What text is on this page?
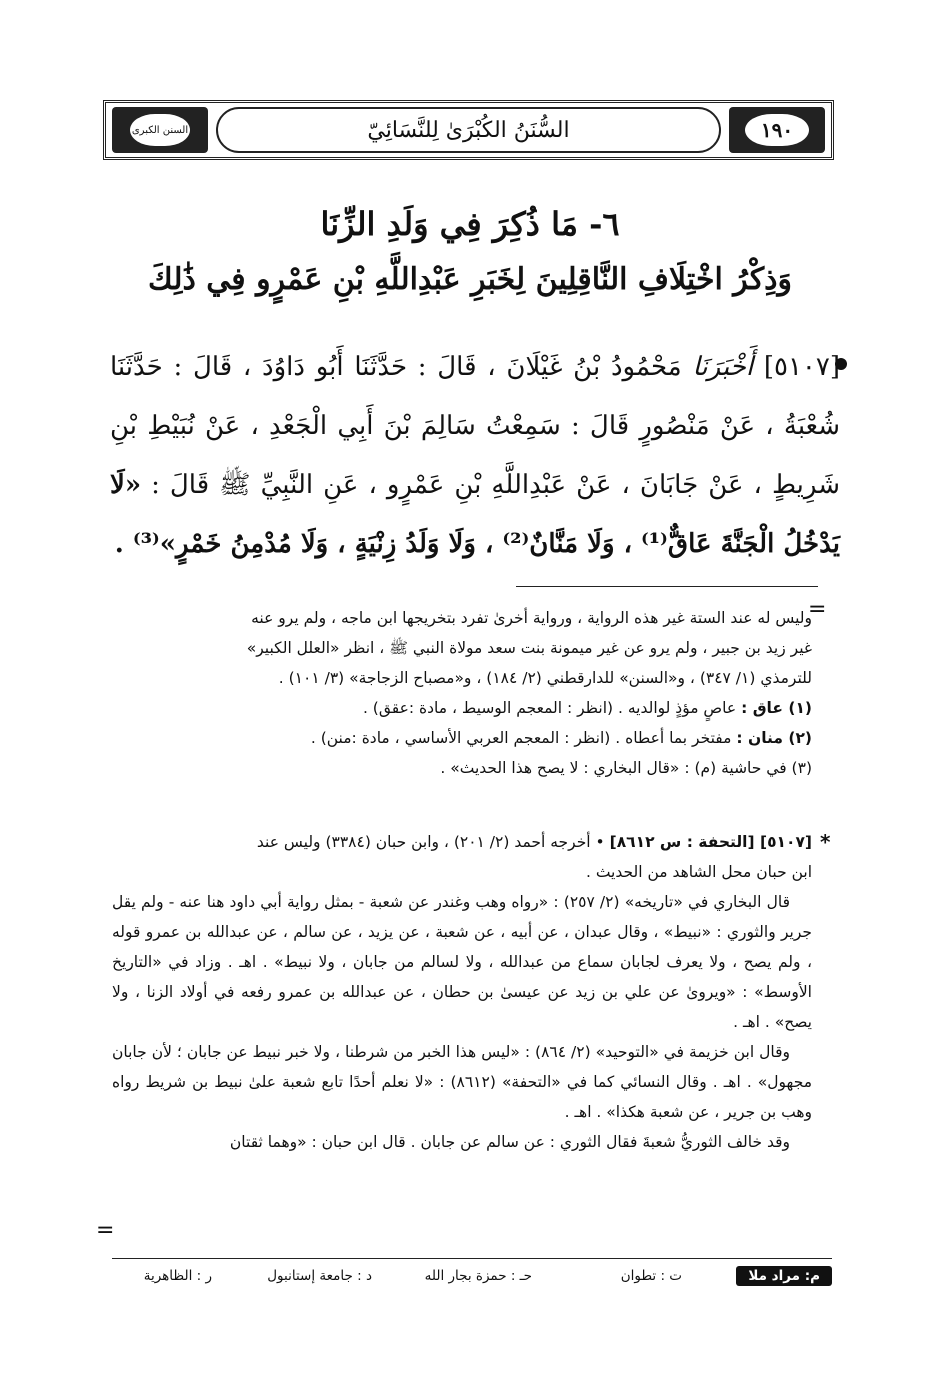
١٩٠
السُّنَنُ الكُبْرَىٰ لِلنَّسَائِيّ
السنن الكبرى
٦- مَا ذُكِرَ فِي وَلَدِ الزِّنَا
وَذِكْرُ اخْتِلَافِ النَّاقِلِينَ لِخَبَرِ عَبْدِاللَّهِ بْنِ عَمْرٍو فِي ذَٰلِكَ
[٥١٠٧] أَخْبَرَنَا مَحْمُودُ بْنُ غَيْلَانَ ، قَالَ : حَدَّثَنَا أَبُو دَاوُدَ ، قَالَ : حَدَّثَنَا شُعْبَةُ ، عَنْ مَنْصُورٍ قَالَ : سَمِعْتُ سَالِمَ بْنَ أَبِي الْجَعْدِ ، عَنْ نُبَيْطِ بْنِ شَرِيطٍ ، عَنْ جَابَانَ ، عَنْ عَبْدِاللَّهِ بْنِ عَمْرٍو ، عَنِ النَّبِيِّ ﷺ قَالَ : «لَا يَدْخُلُ الْجَنَّةَ عَاقٌّ⁽¹⁾ ، وَلَا مَنَّانٌ⁽²⁾ ، وَلَا وَلَدُ زِنْيَةٍ ، وَلَا مُدْمِنُ خَمْرٍ»⁽³⁾ .
=

وليس له عند الستة غير هذه الرواية ، ورواية أخرىٰ تفرد بتخريجها ابن ماجه ، ولم يرو عنه

غير زيد بن جبير ، ولم يرو عن غير ميمونة بنت سعد مولاة النبي ﷺ ، انظر «العلل الكبير»

للترمذي (١/ ٣٤٧) ، و«السنن» للدارقطني (٢/ ١٨٤) ، و«مصباح الزجاجة» (٣/ ١٠١) .

(١) عاق : عاصٍ مؤذٍ لوالديه . (انظر : المعجم الوسيط ، مادة :عقق) .

(٢) منان : مفتخر بما أعطاه . (انظر : المعجم العربي الأساسي ، مادة :منن) .

(٣) في حاشية (م) : «قال البخاري : لا يصح هذا الحديث» .

*

[٥١٠٧] [التحفة : س ٨٦١٢] • أخرجه أحمد (٢/ ٢٠١) ، وابن حبان (٣٣٨٤) وليس عند

ابن حبان محل الشاهد من الحديث .

قال البخاري في «تاريخه» (٢/ ٢٥٧) : «رواه وهب وغندر عن شعبة - بمثل رواية أبي داود هنا عنه - ولم يقل جرير والثوري : «نبيط» ، وقال عبدان ، عن أبيه ، عن شعبة ، عن يزيد ، عن سالم ، عن عبدالله بن عمرو قوله ، ولم يصح ، ولا يعرف لجابان سماع من عبدالله ، ولا لسالم من جابان ، ولا نبيط» . اهـ . وزاد في «التاريخ الأوسط» : «ويروىٰ عن علي بن زيد عن عيسىٰ بن حطان ، عن عبدالله بن عمرو رفعه في أولاد الزنا ، ولا يصح» . اهـ .

وقال ابن خزيمة في «التوحيد» (٢/ ٨٦٤) : «ليس هذا الخبر من شرطنا ، ولا خبر نبيط عن جابان ؛ لأن جابان مجهول» . اهـ . وقال النسائي كما في «التحفة» (٨٦١٢) : «لا نعلم أحدًا تابع شعبة علىٰ نبيط بن شريط رواه وهب بن جرير ، عن شعبة هكذا» . اهـ .

وقد خالف الثوريُّ شعبةَ فقال الثوري : عن سالم عن جابان . قال ابن حبان : «وهما ثقتان

=
م: مراد ملا
ت : تطوان
حـ : حمزة بجار الله
د : جامعة إستانبول
ر : الظاهرية
